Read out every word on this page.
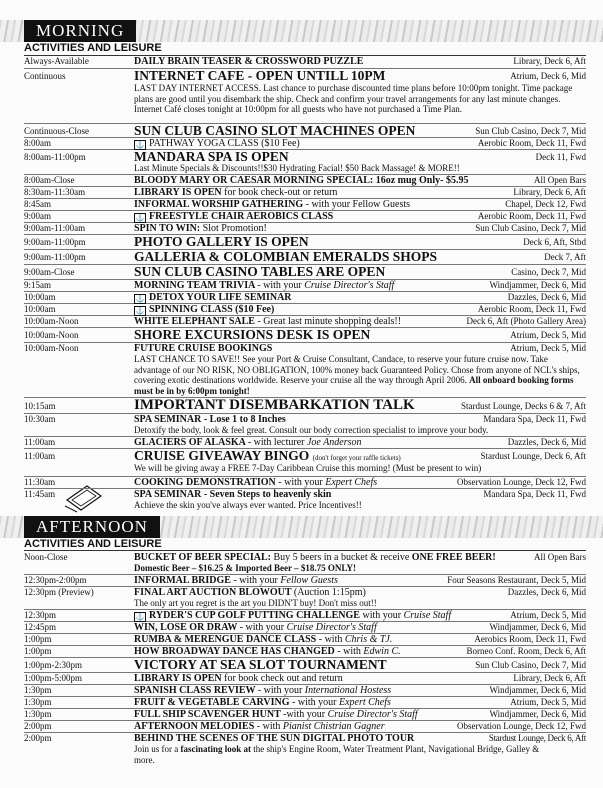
MORNING
ACTIVITIES AND LEISURE
Always-Available	DAILY BRAIN TEASER & CROSSWORD PUZZLE	Library, Deck 6, Aft
Continuous	INTERNET CAFE - OPEN UNTILL 10PM	Atrium, Deck 6, Mid
LAST DAY INTERNET ACCESS. Last chance to purchase discounted time plans before 10:00pm tonight. Time package plans are good until you disembark the ship. Check and confirm your travel arrangements for any last minute changes. Internet Café closes tonight at 10:00pm for all guests who have not purchased a Time Plan.
Continuous-Close	SUN CLUB CASINO SLOT MACHINES OPEN	Sun Club Casino, Deck 7, Mid
8:00am	⚓ PATHWAY YOGA CLASS ($10 Fee)	Aerobic Room, Deck 11, Fwd
8:00am-11:00pm	MANDARA SPA IS OPEN	Deck 11, Fwd
Last Minute Specials & Discounts!!$30 Hydrating Facial! $50 Back Massage! & MORE!!
8:00am-Close	BLOODY MARY OR CAESAR MORNING SPECIAL: 16oz mug Only- $5.95	All Open Bars
8:30am-11:30am	LIBRARY IS OPEN for book check-out or return	Library, Deck 6, Aft
8:45am	INFORMAL WORSHIP GATHERING - with your Fellow Guests	Chapel, Deck 12, Fwd
9:00am	⚓ FREESTYLE CHAIR AEROBICS CLASS	Aerobic Room, Deck 11, Fwd
9:00am-11:00am	SPIN TO WIN: Slot Promotion!	Sun Club Casino, Deck 7, Mid
9:00am-11:00pm	PHOTO GALLERY IS OPEN	Deck 6, Aft, Stbd
9:00am-11:00pm	GALLERIA & COLOMBIAN EMERALDS SHOPS	Deck 7, Aft
9:00am-Close	SUN CLUB CASINO TABLES ARE OPEN	Casino, Deck 7, Mid
9:15am	MORNING TEAM TRIVIA - with your Cruise Director's Staff	Windjammer, Deck 6, Mid
10:00am	⚓ DETOX YOUR LIFE SEMINAR	Dazzles, Deck 6, Mid
10:00am	⚓ SPINNING CLASS ($10 Fee)	Aerobic Room, Deck 11, Fwd
10:00am-Noon	WHITE ELEPHANT SALE - Great last minute shopping deals!!	Deck 6, Aft (Photo Gallery Area)
10:00am-Noon	SHORE EXCURSIONS DESK IS OPEN	Atrium, Deck 5, Mid
10:00am-Noon	FUTURE CRUISE BOOKINGS	Atrium, Deck 5, Mid
LAST CHANCE TO SAVE!! See your Port & Cruise Consultant, Candace, to reserve your future cruise now. Take advantage of our NO RISK, NO OBLIGATION, 100% money back Guaranteed Policy. Chose from anyone of NCL's ships, covering exotic destinations worldwide. Reserve your cruise all the way through April 2006. All onboard booking forms must be in by 6:00pm tonight!
10:15am	IMPORTANT DISEMBARKATION TALK	Stardust Lounge, Decks 6 & 7, Aft
10:30am	SPA SEMINAR - Lose 1 to 8 Inches	Mandara Spa, Deck 11, Fwd
Detoxify the body, look & feel great. Consult our body correction specialist to improve your body.
11:00am	GLACIERS OF ALASKA - with lecturer Joe Anderson	Dazzles, Deck 6, Mid
11:00am	CRUISE GIVEAWAY BINGO (don't forget your raffle tickets)	Stardust Lounge, Deck 6, Aft
We will be giving away a FREE 7-Day Caribbean Cruise this morning! (Must be present to win)
11:30am	COOKING DEMONSTRATION - with your Expert Chefs	Observation Lounge, Deck 12, Fwd
11:45am	SPA SEMINAR - Seven Steps to heavenly skin	Mandara Spa, Deck 11, Fwd
Achieve the skin you've always ever wanted. Price Incentives!!
AFTERNOON
ACTIVITIES AND LEISURE
Noon-Close	BUCKET OF BEER SPECIAL: Buy 5 beers in a bucket & receive ONE FREE BEER!	All Open Bars
Domestic Beer – $16.25 & Imported Beer – $18.75 ONLY!
12:30pm-2:00pm	INFORMAL BRIDGE - with your Fellow Guests	Four Seasons Restaurant, Deck 5, Mid
12:30pm (Preview)	FINAL ART AUCTION BLOWOUT (Auction 1:15pm)	Dazzles, Deck 6, Mid
The only art you regret is the art you DIDN'T buy! Don't miss out!!
12:30pm	⚓ RYDER'S CUP GOLF PUTTING CHALLENGE with your Cruise Staff	Atrium, Deck 5, Mid
12:45pm	WIN, LOSE OR DRAW - with your Cruise Director's Staff	Windjammer, Deck 6, Mid
1:00pm	RUMBA & MERENGUE DANCE CLASS - with Chris & TJ.	Aerobics Room, Deck 11, Fwd
1:00pm	HOW BROADWAY DANCE HAS CHANGED - with Edwin C.	Borneo Conf. Room, Deck 6, Aft
1:00pm-2:30pm	VICTORY AT SEA SLOT TOURNAMENT	Sun Club Casino, Deck 7, Mid
1:00pm-5:00pm	LIBRARY IS OPEN for book check out and return	Library, Deck 6, Aft
1:30pm	SPANISH CLASS REVIEW - with your International Hostess	Windjammer, Deck 6, Mid
1:30pm	FRUIT & VEGETABLE CARVING - with your Expert Chefs	Atrium, Deck 5, Mid
1:30pm	FULL SHIP SCAVENGER HUNT -with your Cruise Director's Staff	Windjammer, Deck 6, Mid
2:00pm	AFTERNOON MELODIES - with Pianist Chistrian Gagner	Observation Lounge, Deck 12, Fwd
2:00pm	BEHIND THE SCENES OF THE SUN DIGITAL PHOTO TOUR	Stardust Lounge, Deck 6, Aft
Join us for a fascinating look at the ship's Engine Room, Water Treatment Plant, Navigational Bridge, Galley & more.
